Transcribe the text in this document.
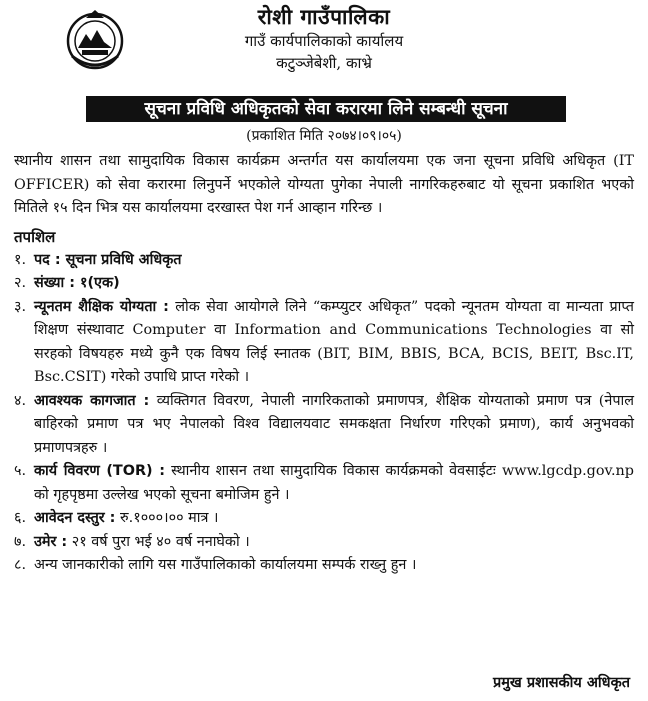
रोशी गाउँपालिका
गाउँ कार्यपालिकाको कार्यालय
कटुञ्जेबेशी, काभ्रे
सूचना प्रविधि अधिकृतको सेवा करारमा लिने सम्बन्धी सूचना
(प्रकाशित मिति २०७४।०९।०५)

स्थानीय शासन तथा सामुदायिक विकास कार्यक्रम अन्तर्गत यस कार्यालयमा एक जना सूचना प्रविधि अधिकृत (IT OFFICER) को सेवा करारमा लिनुपर्ने भएकोले योग्यता पुगेका नेपाली नागरिकहरुबाट यो सूचना प्रकाशित भएको मितिले १५ दिन भित्र यस कार्यालयमा दरखास्त पेश गर्न आव्हान गरिन्छ ।

तपशिल
१. पद : सूचना प्रविधि अधिकृत
२. संख्या : १(एक)
३. न्यूनतम शैक्षिक योग्यता : लोक सेवा आयोगले लिने “कम्प्युटर अधिकृत” पदको न्यूनतम योग्यता वा मान्यता प्राप्त शिक्षण संस्थावाट Computer वा Information and Communications Technologies वा सो सरहको विषयहरु मध्ये कुनै एक विषय लिई स्नातक (BIT, BIM, BBIS, BCA, BCIS, BEIT, Bsc.IT, Bsc.CSIT) गरेको उपाधि प्राप्त गरेको ।
४. आवश्यक कागजात : व्यक्तिगत विवरण, नेपाली नागरिकताको प्रमाणपत्र, शैक्षिक योग्यताको प्रमाण पत्र (नेपाल बाहिरको प्रमाण पत्र भए नेपालको विश्व विद्यालयवाट समकक्षता निर्धारण गरिएको प्रमाण), कार्य अनुभवको प्रमाणपत्रहरु ।
५. कार्य विवरण (TOR) : स्थानीय शासन तथा सामुदायिक विकास कार्यक्रमको वेवसाईटः www.lgcdp.gov.np को गृहपृष्ठमा उल्लेख भएको सूचना बमोजिम हुने ।
६. आवेदन दस्तुर : रु.१०००।०० मात्र ।
७. उमेर : २१ वर्ष पुरा भई ४० वर्ष ननाघेको ।
८. अन्य जानकारीको लागि यस गाउँपालिकाको कार्यालयमा सम्पर्क राख्नु हुन ।
प्रमुख प्रशासकीय अधिकृत
